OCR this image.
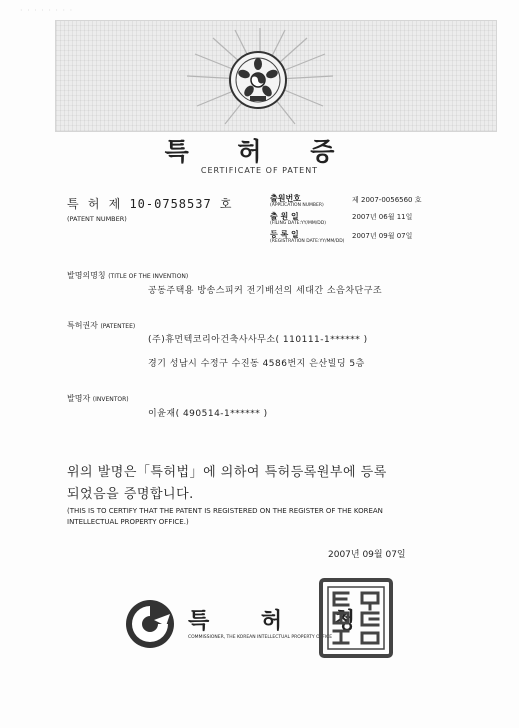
· · · · · · · ·
특 허 증
CERTIFICATE OF PATENT
특 허 제 10-0758537 호
(PATENT NUMBER)
출원번호
(APPLICATION NUMBER)
제 2007-0056560 호
출 원 일
(FILING DATE:YY/MM/DD)
2007년 06월 11일
등 록 일
(REGISTRATION DATE:YY/MM/DD)
2007년 09월 07일
발명의명칭 (TITLE OF THE INVENTION)
공동주택용 방송스피커 전기배선의 세대간 소음차단구조
특허권자 (PATENTEE)
(주)휴먼텍코리아건축사사무소( 110111-1****** )
경기 성남시 수정구 수진동 4586번지 은산빌딩 5층
발명자 (INVENTOR)
이윤재( 490514-1****** )
위의 발명은「특허법」에 의하여 특허등록원부에 등록
되었음을 증명합니다.
(THIS IS TO CERTIFY THAT THE PATENT IS REGISTERED ON THE REGISTER OF THE KOREAN
INTELLECTUAL PROPERTY OFFICE.)
2007년 09월 07일
특 허 청
COMMISSIONER, THE KOREAN INTELLECTUAL PROPERTY OFFICE
